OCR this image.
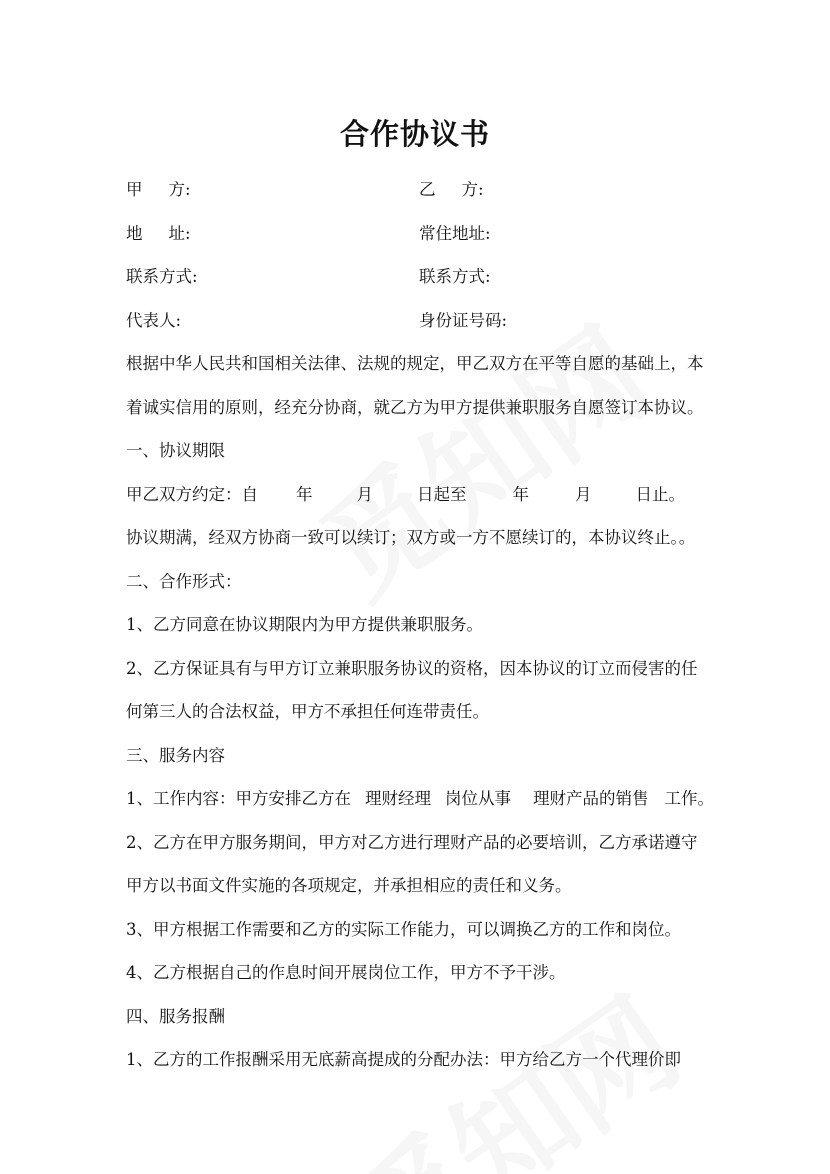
合作协议书
甲 方:	乙 方:
地 址:	常住地址:
联系方式:	联系方式:
代表人:	身份证号码:
根据中华人民共和国相关法律、法规的规定，甲乙双方在平等自愿的基础上，本
着诚实信用的原则，经充分协商，就乙方为甲方提供兼职服务自愿签订本协议。
一、协议期限
甲乙双方约定：自 年	月	日起至	年	月	日止。
协议期满，经双方协商一致可以续订；双方或一方不愿续订的，本协议终止。。
二、合作形式：
1、乙方同意在协议期限内为甲方提供兼职服务。
2、乙方保证具有与甲方订立兼职服务协议的资格，因本协议的订立而侵害的任
何第三人的合法权益，甲方不承担任何连带责任。
三、服务内容
1、工作内容：甲方安排乙方在 理财经理 岗位从事 理财产品的销售 工作。
2、乙方在甲方服务期间，甲方对乙方进行理财产品的必要培训，乙方承诺遵守
甲方以书面文件实施的各项规定，并承担相应的责任和义务。
3、甲方根据工作需要和乙方的实际工作能力，可以调换乙方的工作和岗位。
4、乙方根据自己的作息时间开展岗位工作，甲方不予干涉。
四、服务报酬
1、乙方的工作报酬采用无底薪高提成的分配办法：甲方给乙方一个代理价即
